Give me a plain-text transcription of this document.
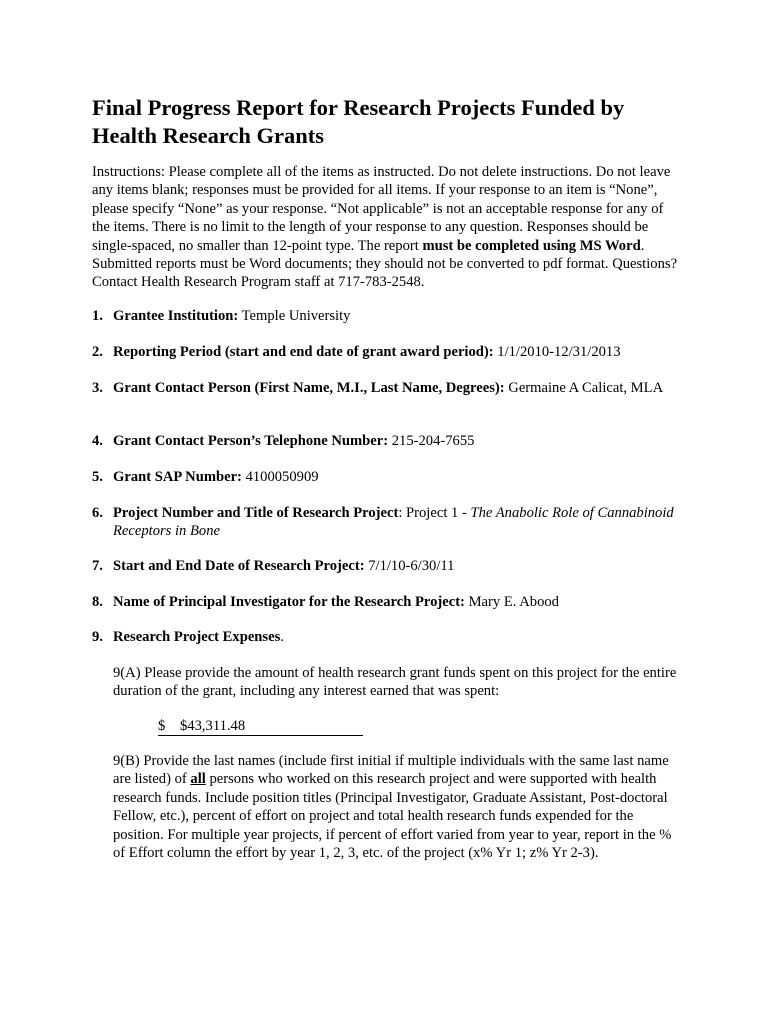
Final Progress Report for Research Projects Funded by Health Research Grants

Instructions: Please complete all of the items as instructed. Do not delete instructions. Do not leave any items blank; responses must be provided for all items. If your response to an item is “None”, please specify “None” as your response. “Not applicable” is not an acceptable response for any of the items. There is no limit to the length of your response to any question. Responses should be single-spaced, no smaller than 12-point type. The report must be completed using MS Word. Submitted reports must be Word documents; they should not be converted to pdf format. Questions? Contact Health Research Program staff at 717-783-2548.

1. Grantee Institution: Temple University
2. Reporting Period (start and end date of grant award period): 1/1/2010-12/31/2013
3. Grant Contact Person (First Name, M.I., Last Name, Degrees): Germaine A Calicat, MLA
4. Grant Contact Person’s Telephone Number: 215-204-7655
5. Grant SAP Number: 4100050909
6. Project Number and Title of Research Project: Project 1 - The Anabolic Role of Cannabinoid Receptors in Bone
7. Start and End Date of Research Project: 7/1/10-6/30/11
8. Name of Principal Investigator for the Research Project: Mary E. Abood
9. Research Project Expenses.

9(A) Please provide the amount of health research grant funds spent on this project for the entire duration of the grant, including any interest earned that was spent:

$ $43,311.48

9(B) Provide the last names (include first initial if multiple individuals with the same last name are listed) of all persons who worked on this research project and were supported with health research funds. Include position titles (Principal Investigator, Graduate Assistant, Post-doctoral Fellow, etc.), percent of effort on project and total health research funds expended for the position. For multiple year projects, if percent of effort varied from year to year, report in the % of Effort column the effort by year 1, 2, 3, etc. of the project (x% Yr 1; z% Yr 2-3).
